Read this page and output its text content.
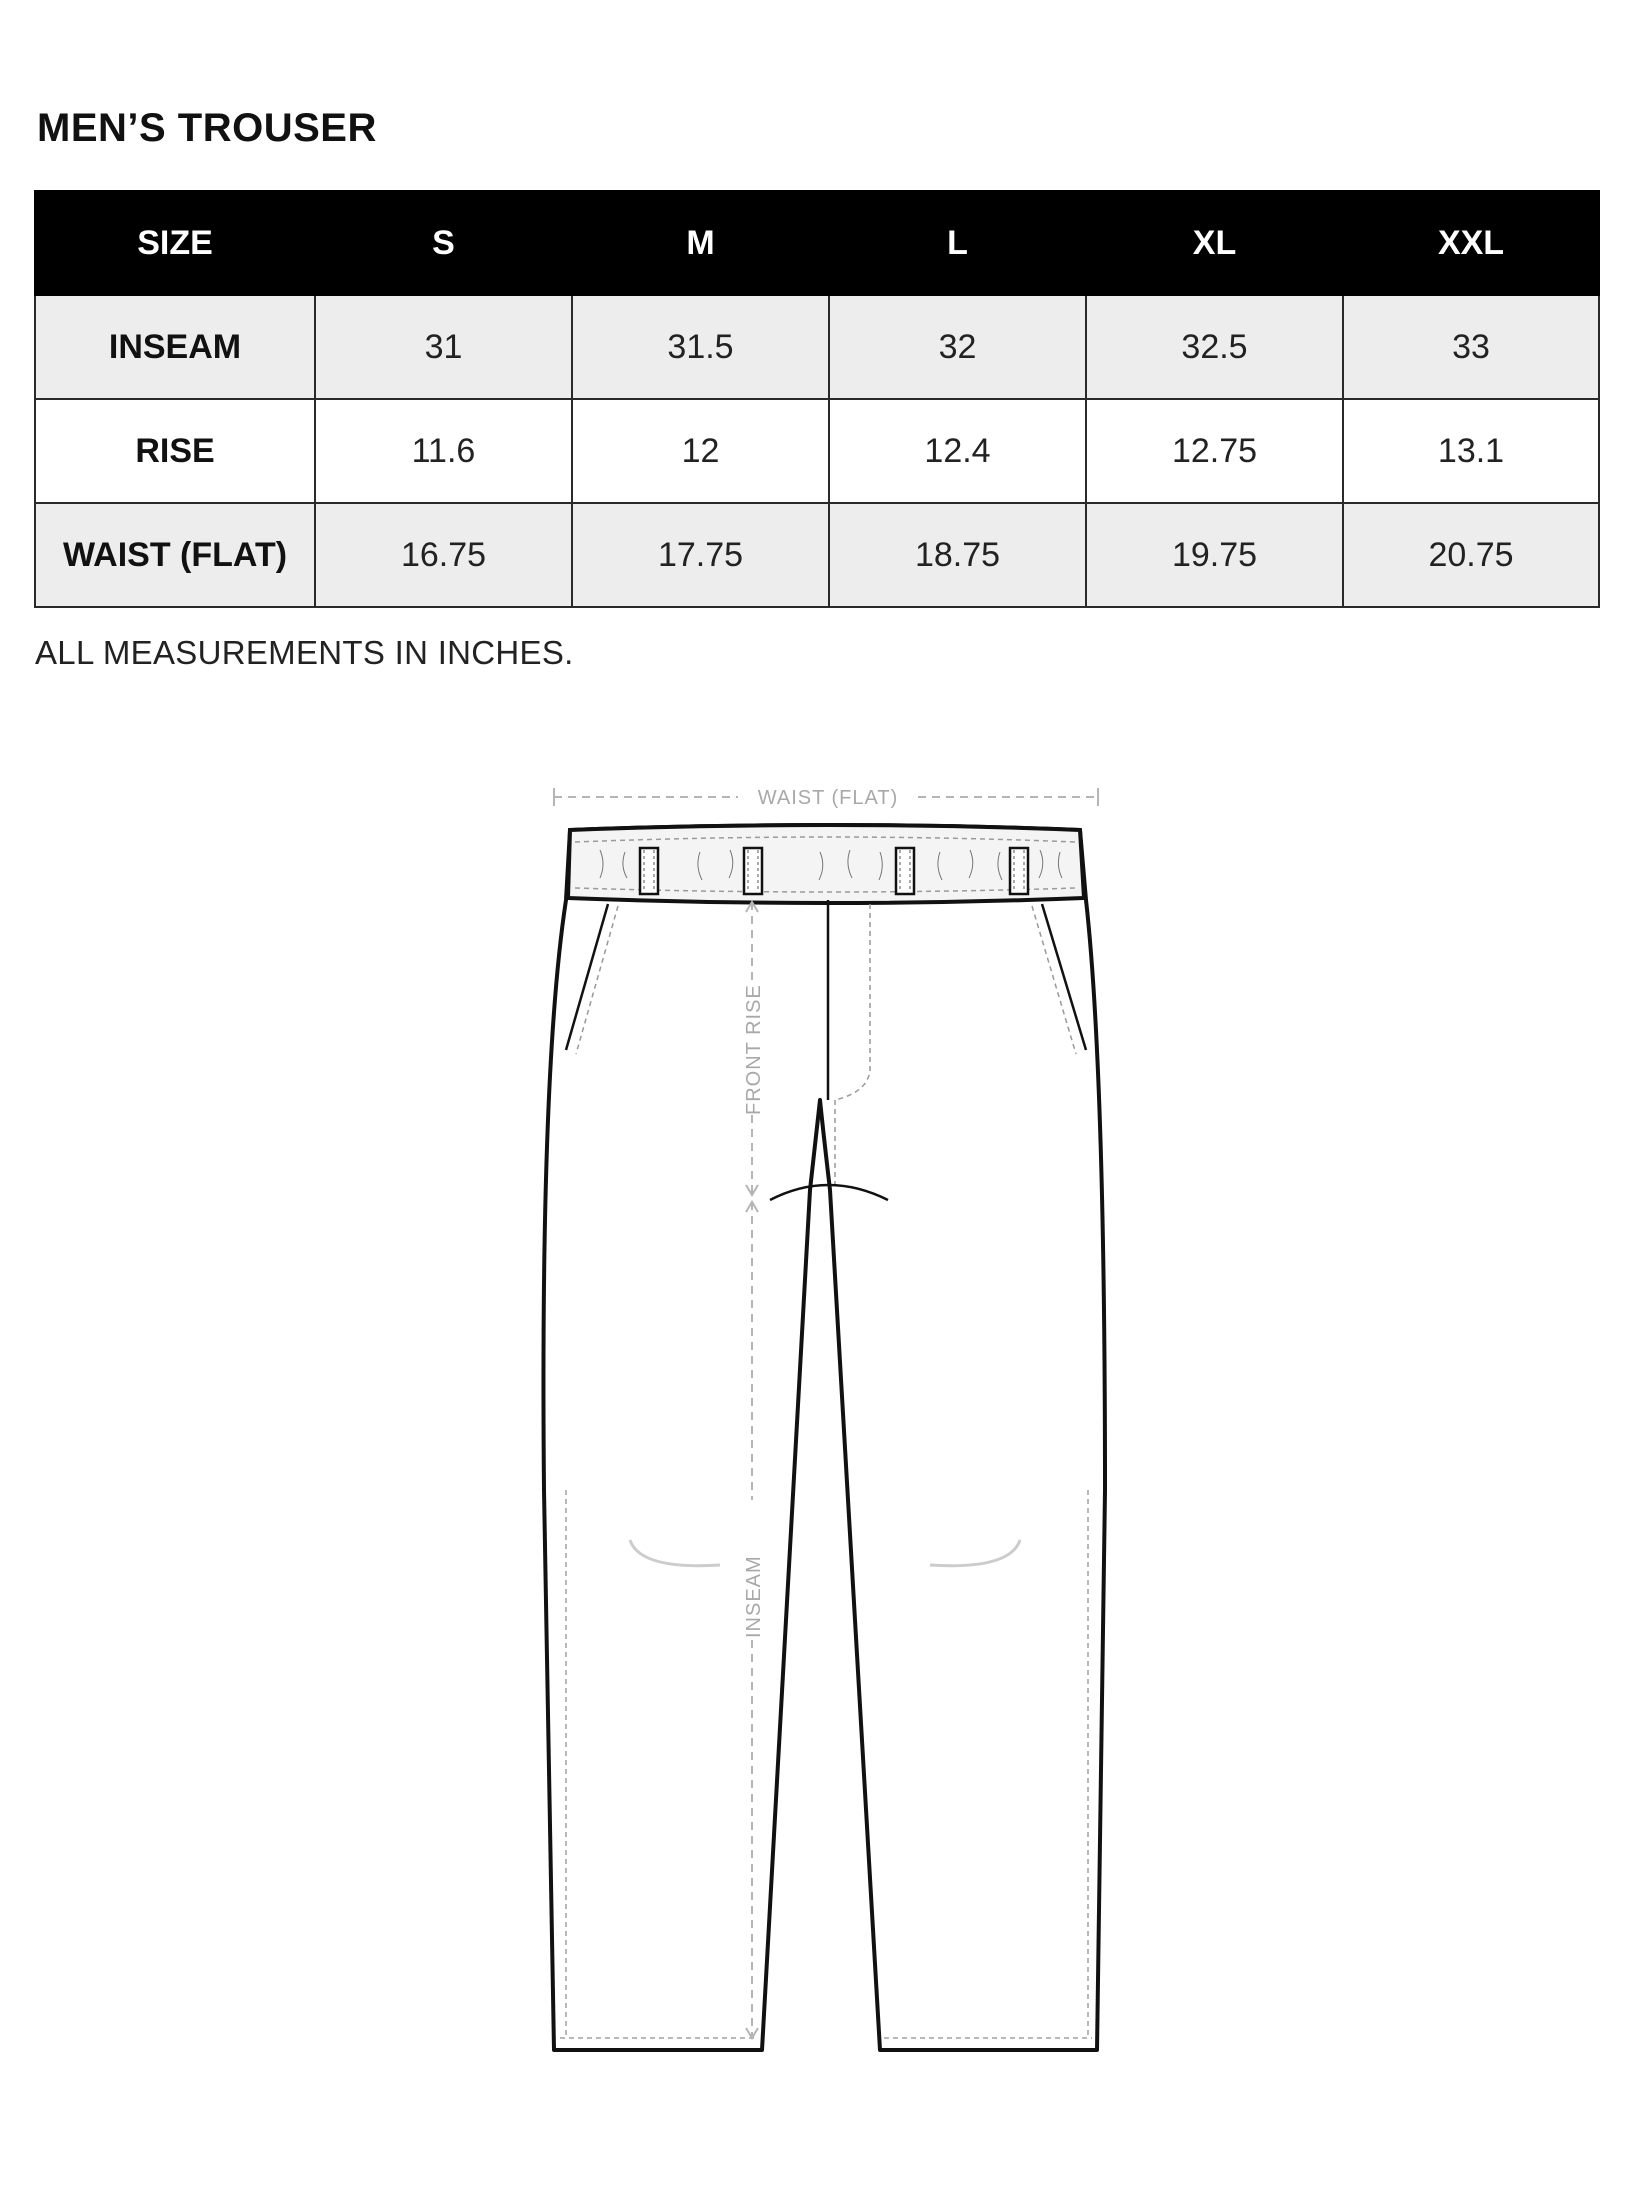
MEN’S TROUSER
SIZE	S	M	L	XL	XXL
INSEAM	31	31.5	32	32.5	33
RISE	11.6	12	12.4	12.75	13.1
WAIST (FLAT)	16.75	17.75	18.75	19.75	20.75
ALL MEASUREMENTS IN INCHES.
WAIST (FLAT)
FRONT RISE
INSEAM
